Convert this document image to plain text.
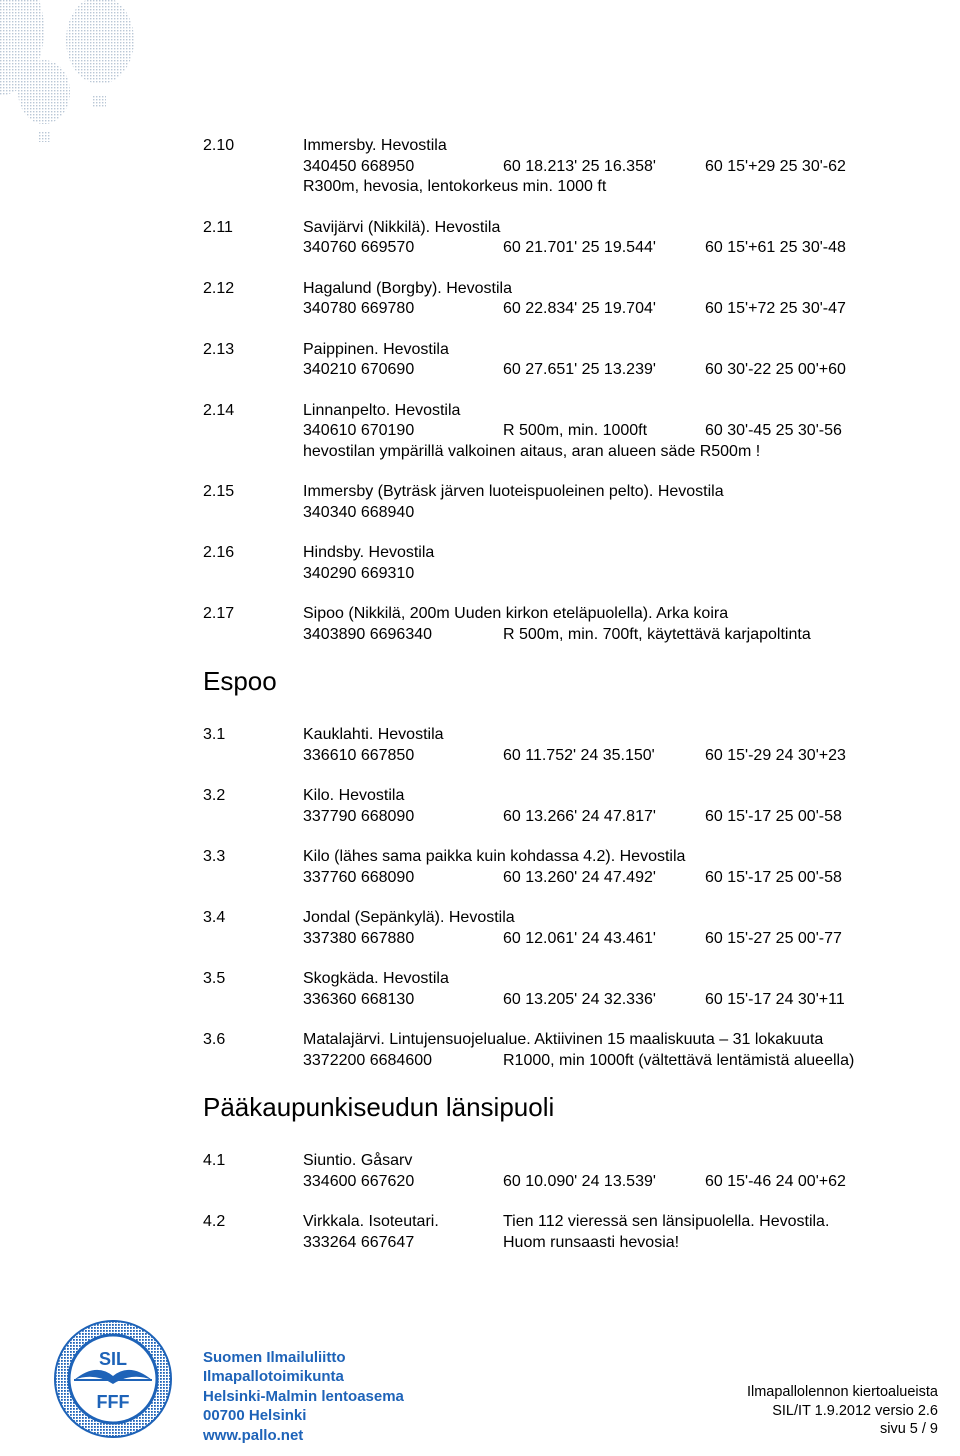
2.10	Immersby. Hevostila
340450 668950	60 18.213' 25 16.358'	60 15'+29 25 30'-62
R300m, hevosia, lentokorkeus min. 1000 ft
2.11	Savijärvi (Nikkilä). Hevostila
340760 669570	60 21.701' 25 19.544'	60 15'+61 25 30'-48
2.12	Hagalund (Borgby). Hevostila
340780 669780	60 22.834' 25 19.704'	60 15'+72 25 30'-47
2.13	Paippinen. Hevostila
340210 670690	60 27.651' 25 13.239'	60 30'-22 25 00'+60
2.14	Linnanpelto. Hevostila
340610 670190	R 500m, min. 1000ft	60 30'-45 25 30'-56
hevostilan ympärillä valkoinen aitaus, aran alueen säde R500m !
2.15	Immersby (Byträsk järven luoteispuoleinen pelto). Hevostila
340340 668940
2.16	Hindsby. Hevostila
340290 669310
2.17	Sipoo (Nikkilä, 200m Uuden kirkon eteläpuolella). Arka koira
3403890 6696340	R 500m, min. 700ft, käytettävä karjapoltinta
Espoo
3.1	Kauklahti. Hevostila
336610 667850	60 11.752' 24 35.150'	60 15'-29 24 30'+23
3.2	Kilo. Hevostila
337790 668090	60 13.266' 24 47.817'	60 15'-17 25 00'-58
3.3	Kilo (lähes sama paikka kuin kohdassa 4.2). Hevostila
337760 668090	60 13.260' 24 47.492'	60 15'-17 25 00'-58
3.4	Jondal (Sepänkylä). Hevostila
337380 667880	60 12.061' 24 43.461'	60 15'-27 25 00'-77
3.5	Skogkäda. Hevostila
336360 668130	60 13.205' 24 32.336'	60 15'-17 24 30'+11
3.6	Matalajärvi. Lintujensuojelualue. Aktiivinen 15 maaliskuuta – 31 lokakuuta
3372200 6684600	R1000, min 1000ft (vältettävä lentämistä alueella)
Pääkaupunkiseudun länsipuoli
4.1	Siuntio. Gåsarv
334600 667620	60 10.090' 24 13.539'	60 15'-46 24 00'+62
4.2	Virkkala. Isoteutari.	Tien 112 vieressä sen länsipuolella. Hevostila.
333264 667647	Huom runsaasti hevosia!
SIL
FFF
Suomen Ilmailuliitto
Ilmapallotoimikunta
Helsinki-Malmin lentoasema
00700 Helsinki
www.pallo.net
Ilmapallolennon kiertoalueista
SIL/IT 1.9.2012 versio 2.6
sivu 5 / 9
